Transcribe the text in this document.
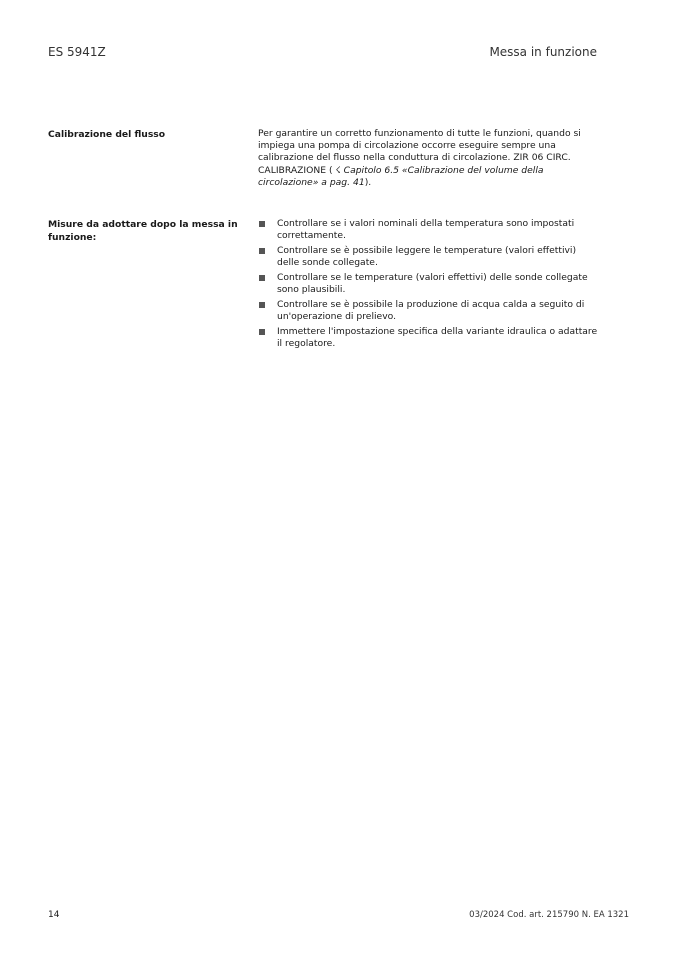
ES 5941Z	Messa in funzione
Calibrazione del flusso	Per garantire un corretto funzionamento di tutte le funzioni, quando si impiega una pompa di circolazione occorre eseguire sempre una calibrazione del flusso nella conduttura di circolazione. ZIR 06 CIRC. CALIBRAZIONE ( ☇ Capitolo 6.5 «Calibrazione del volume della circolazione» a pag. 41).

Misure da adottare dopo la messa in funzione:
Controllare se i valori nominali della temperatura sono impostati correttamente.
Controllare se è possibile leggere le temperature (valori effettivi) delle sonde collegate.
Controllare se le temperature (valori effettivi) delle sonde collegate sono plausibili.
Controllare se è possibile la produzione di acqua calda a seguito di un'operazione di prelievo.
Immettere l'impostazione specifica della variante idraulica o adattare il regolatore.
14	03/2024 Cod. art. 215790 N. EA 1321
